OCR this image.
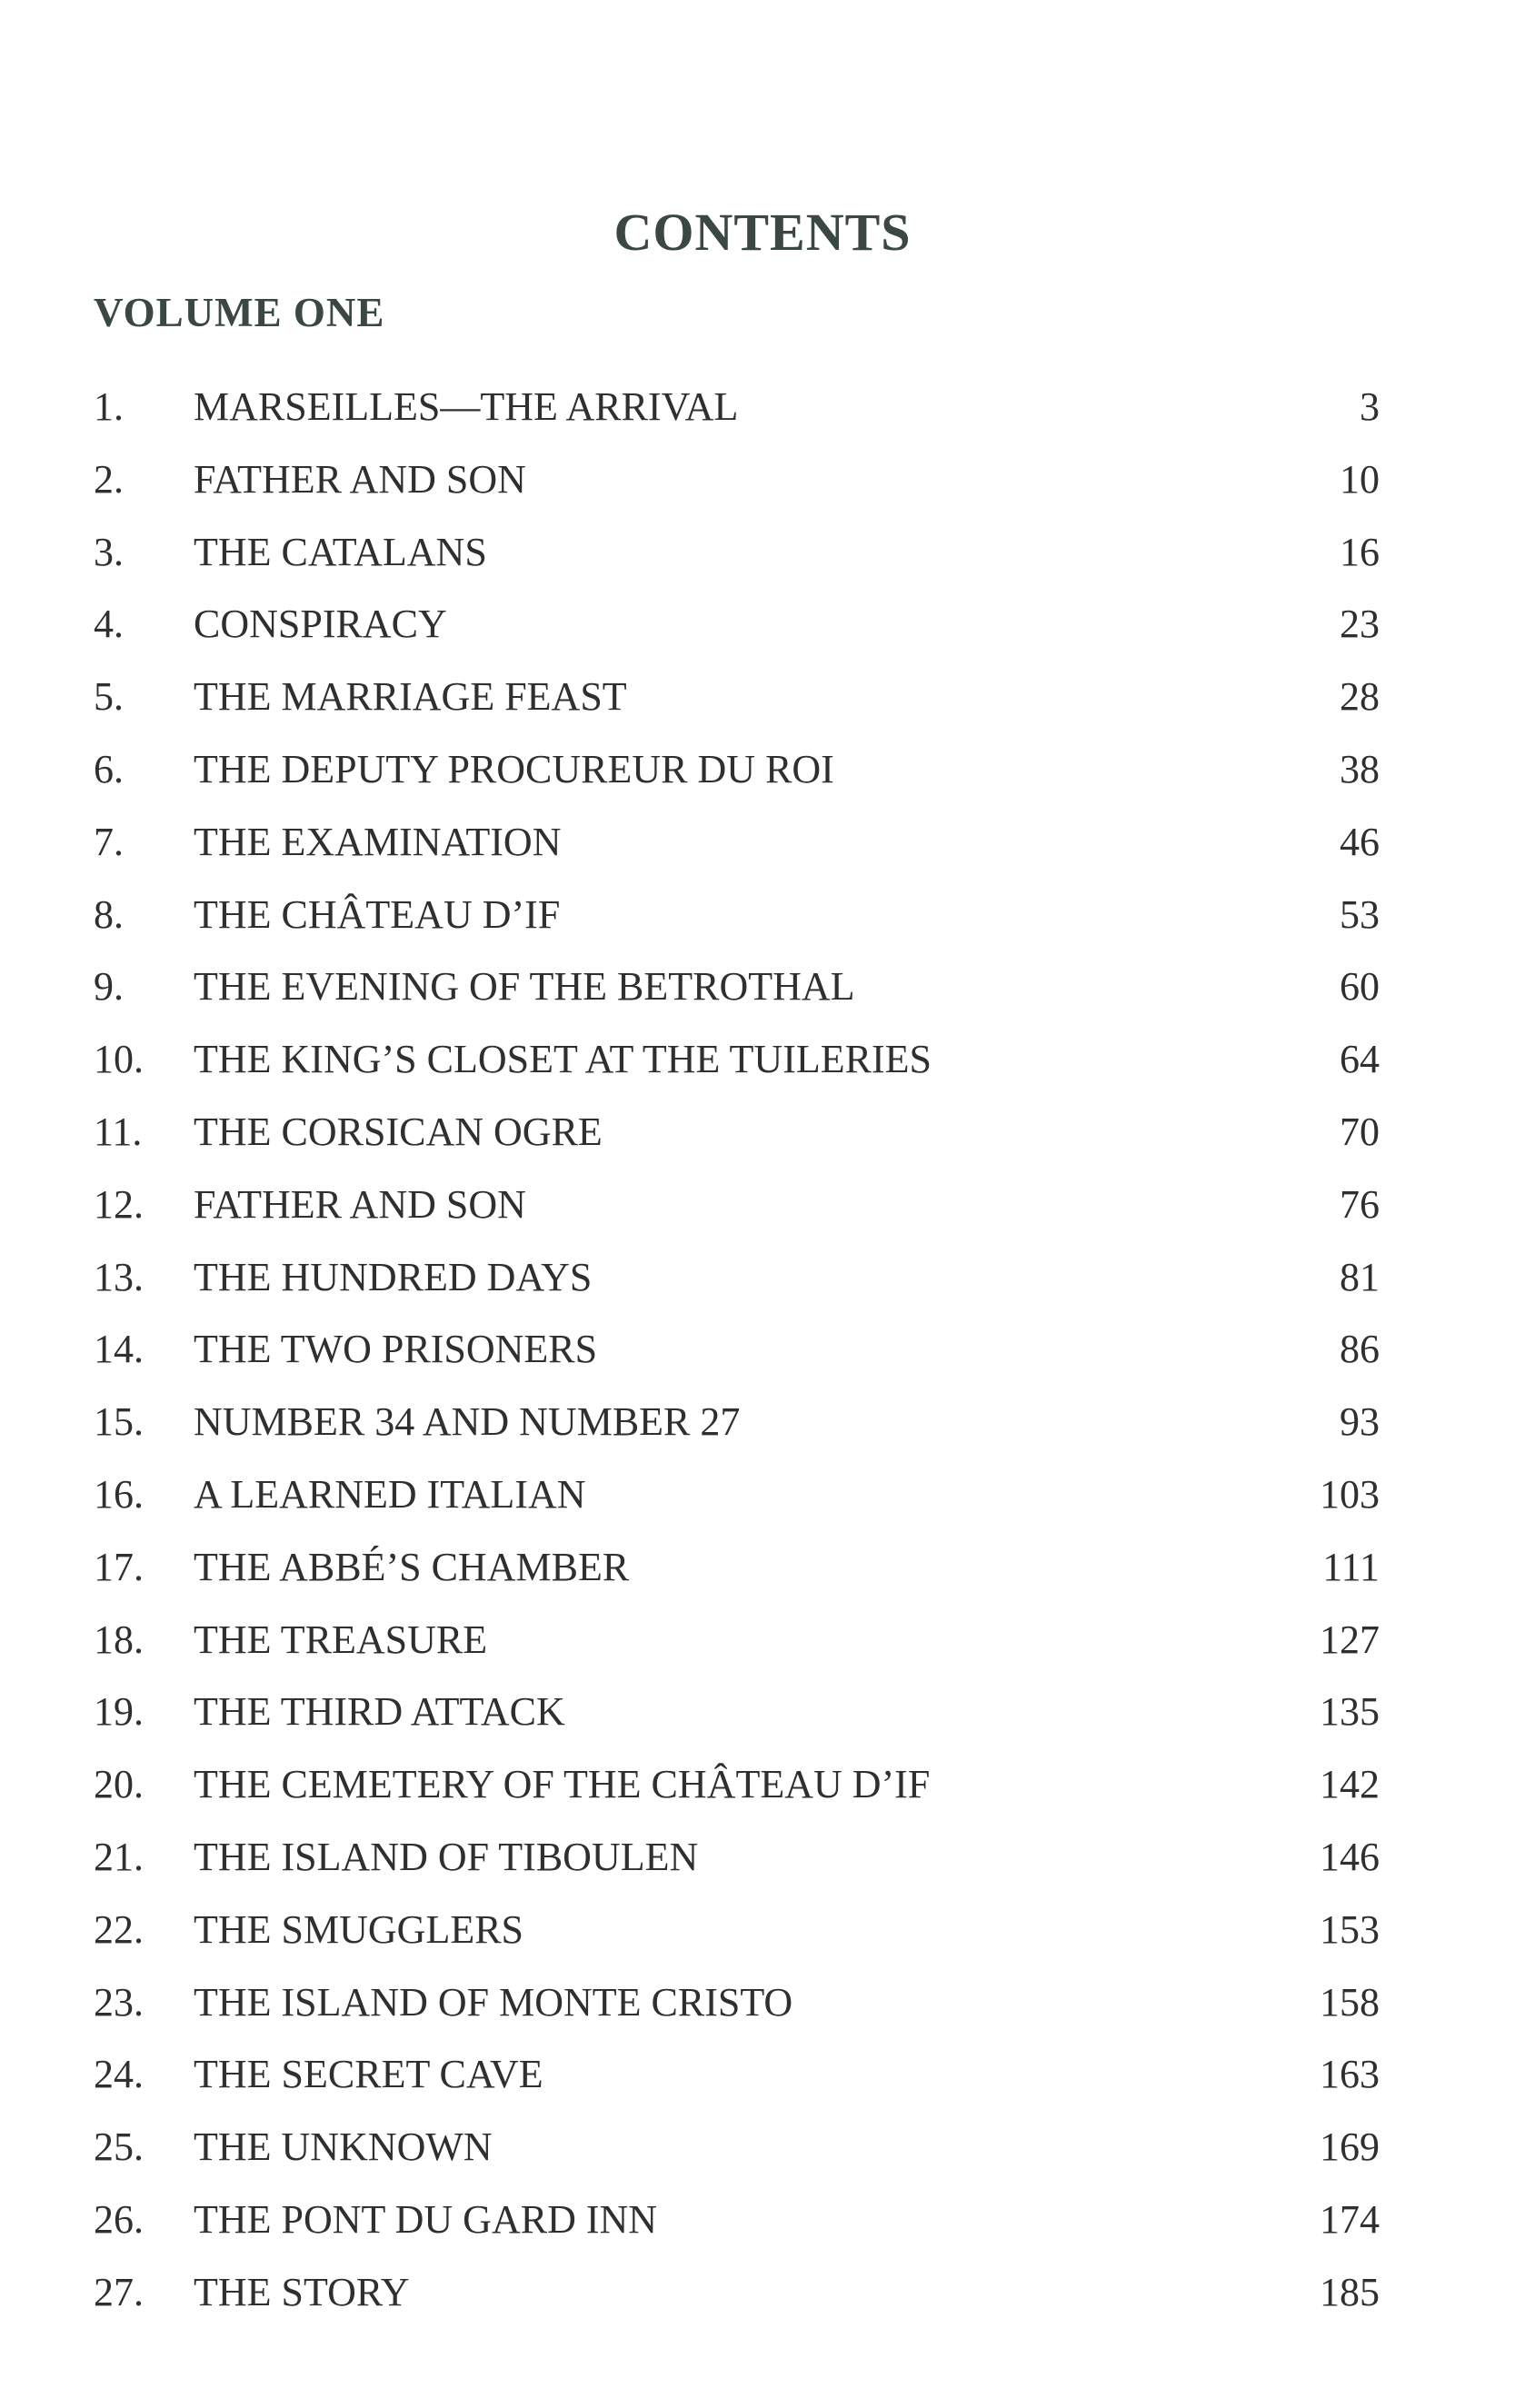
CONTENTS
VOLUME ONE
1. MARSEILLES—THE ARRIVAL	3
2. FATHER AND SON	10
3. THE CATALANS	16
4. CONSPIRACY	23
5. THE MARRIAGE FEAST	28
6. THE DEPUTY PROCUREUR DU ROI	38
7. THE EXAMINATION	46
8. THE CHÂTEAU D’IF	53
9. THE EVENING OF THE BETROTHAL	60
10. THE KING’S CLOSET AT THE TUILERIES	64
11. THE CORSICAN OGRE	70
12. FATHER AND SON	76
13. THE HUNDRED DAYS	81
14. THE TWO PRISONERS	86
15. NUMBER 34 AND NUMBER 27	93
16. A LEARNED ITALIAN	103
17. THE ABBÉ’S CHAMBER	111
18. THE TREASURE	127
19. THE THIRD ATTACK	135
20. THE CEMETERY OF THE CHÂTEAU D’IF	142
21. THE ISLAND OF TIBOULEN	146
22. THE SMUGGLERS	153
23. THE ISLAND OF MONTE CRISTO	158
24. THE SECRET CAVE	163
25. THE UNKNOWN	169
26. THE PONT DU GARD INN	174
27. THE STORY	185
